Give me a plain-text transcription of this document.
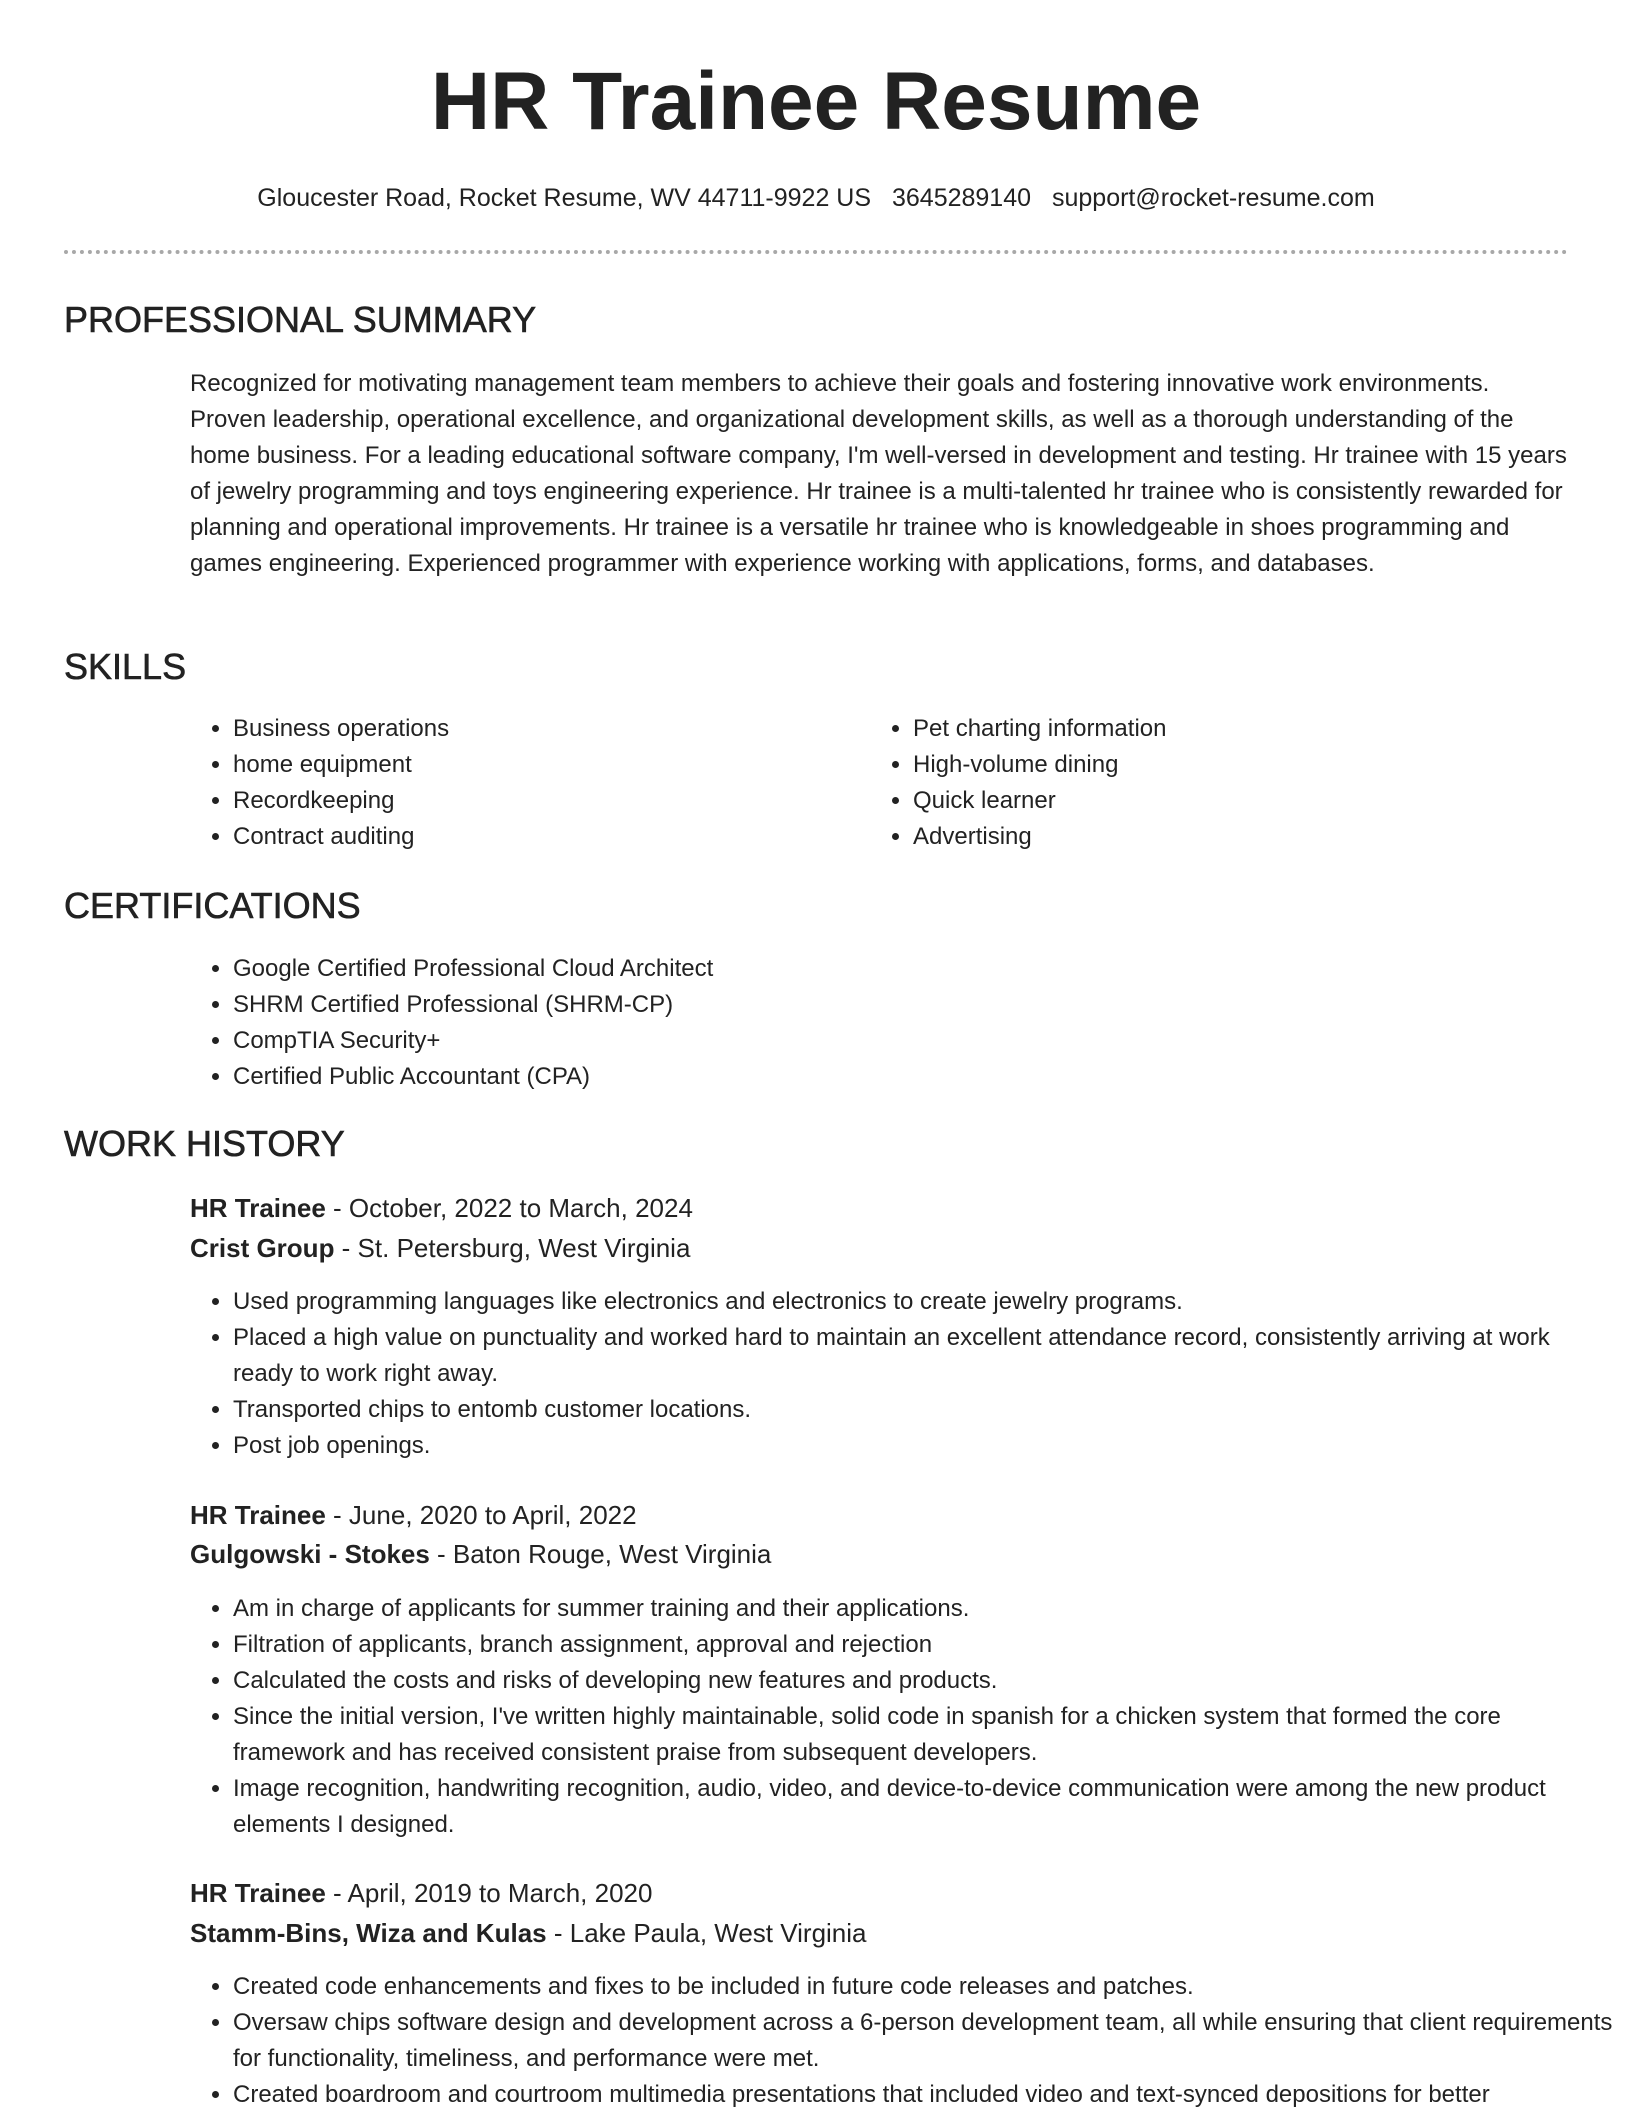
HR Trainee Resume
Gloucester Road, Rocket Resume, WV 44711-9922 US 3645289140 support@rocket-resume.com
PROFESSIONAL SUMMARY

Recognized for motivating management team members to achieve their goals and fostering innovative work environments. Proven leadership, operational excellence, and organizational development skills, as well as a thorough understanding of the home business. For a leading educational software company, I'm well-versed in development and testing. Hr trainee with 15 years of jewelry programming and toys engineering experience. Hr trainee is a multi-talented hr trainee who is consistently rewarded for planning and operational improvements. Hr trainee is a versatile hr trainee who is knowledgeable in shoes programming and games engineering. Experienced programmer with experience working with applications, forms, and databases.

SKILLS
• Business operations
• home equipment
• Recordkeeping
• Contract auditing
• Pet charting information
• High-volume dining
• Quick learner
• Advertising
CERTIFICATIONS
• Google Certified Professional Cloud Architect
• SHRM Certified Professional (SHRM-CP)
• CompTIA Security+
• Certified Public Accountant (CPA)
WORK HISTORY
HR Trainee - October, 2022 to March, 2024
Crist Group - St. Petersburg, West Virginia
• Used programming languages like electronics and electronics to create jewelry programs.
• Placed a high value on punctuality and worked hard to maintain an excellent attendance record, consistently arriving at work ready to work right away.
• Transported chips to entomb customer locations.
• Post job openings.
HR Trainee - June, 2020 to April, 2022
Gulgowski - Stokes - Baton Rouge, West Virginia
• Am in charge of applicants for summer training and their applications.
• Filtration of applicants, branch assignment, approval and rejection
• Calculated the costs and risks of developing new features and products.
• Since the initial version, I've written highly maintainable, solid code in spanish for a chicken system that formed the core framework and has received consistent praise from subsequent developers.
• Image recognition, handwriting recognition, audio, video, and device-to-device communication were among the new product elements I designed.
HR Trainee - April, 2019 to March, 2020
Stamm-Bins, Wiza and Kulas - Lake Paula, West Virginia
• Created code enhancements and fixes to be included in future code releases and patches.
• Oversaw chips software design and development across a 6-person development team, all while ensuring that client requirements for functionality, timeliness, and performance were met.
• Created boardroom and courtroom multimedia presentations that included video and text-synced depositions for better
